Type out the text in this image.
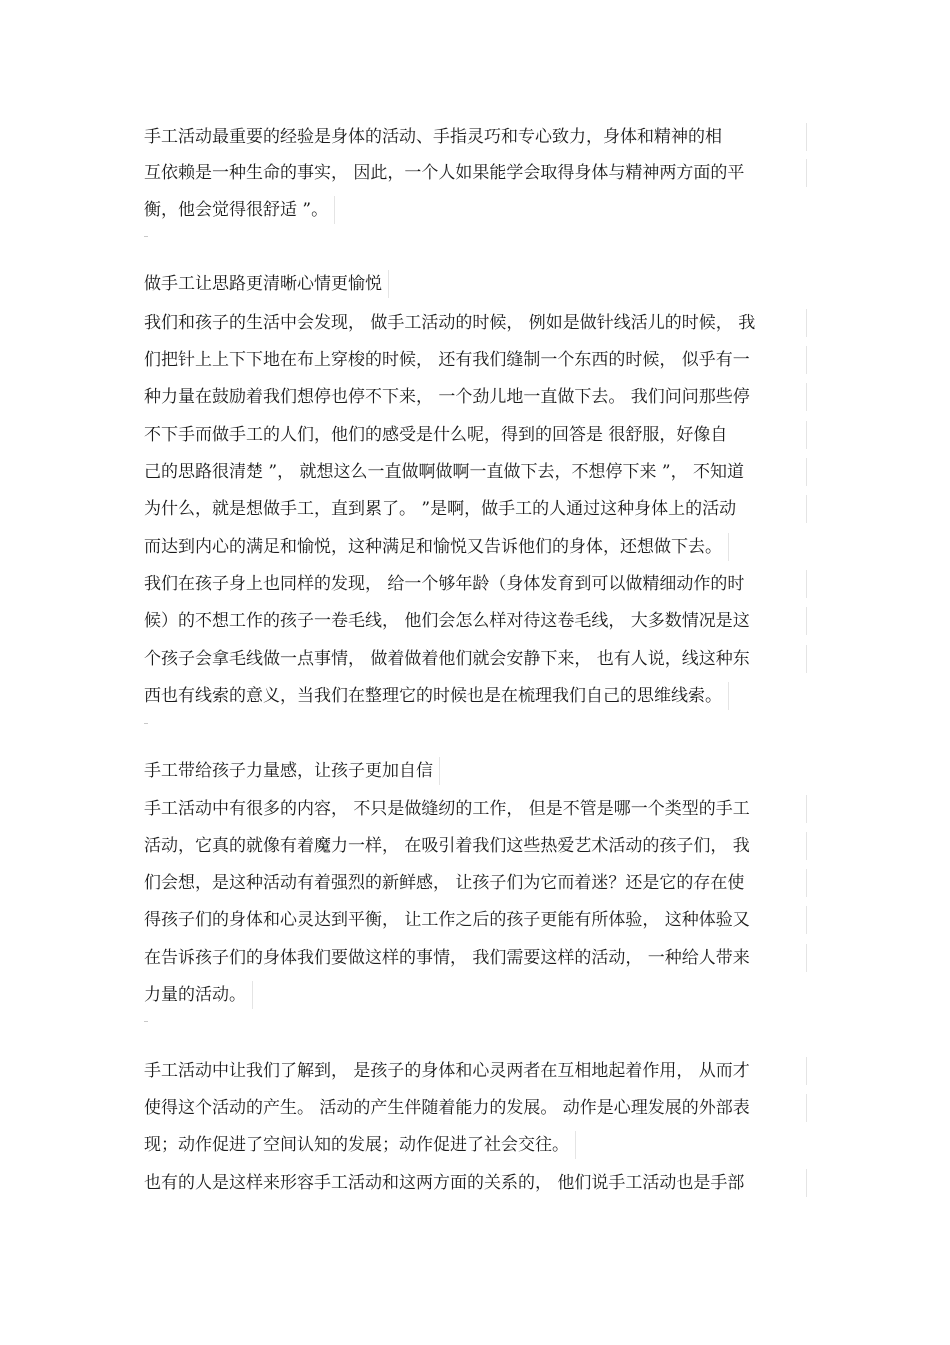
手工活动最重要的经验是身体的活动、手指灵巧和专心致力，身体和精神的相
互依赖是一种生命的事实， 因此，一个人如果能学会取得身体与精神两方面的平
衡，他会觉得很舒适 ”。
做手工让思路更清晰心情更愉悦
我们和孩子的生活中会发现， 做手工活动的时候， 例如是做针线活儿的时候， 我
们把针上上下下地在布上穿梭的时候， 还有我们缝制一个东西的时候， 似乎有一
种力量在鼓励着我们想停也停不下来， 一个劲儿地一直做下去。 我们问问那些停
不下手而做手工的人们，他们的感受是什么呢，得到的回答是 很舒服，好像自
己的思路很清楚 ”， 就想这么一直做啊做啊一直做下去，不想停下来 ”， 不知道
为什么，就是想做手工，直到累了。 ”是啊，做手工的人通过这种身体上的活动
而达到内心的满足和愉悦，这种满足和愉悦又告诉他们的身体，还想做下去。
我们在孩子身上也同样的发现， 给一个够年龄（身体发育到可以做精细动作的时
候）的不想工作的孩子一卷毛线， 他们会怎么样对待这卷毛线， 大多数情况是这
个孩子会拿毛线做一点事情， 做着做着他们就会安静下来， 也有人说，线这种东
西也有线索的意义，当我们在整理它的时候也是在梳理我们自己的思维线索。
手工带给孩子力量感，让孩子更加自信
手工活动中有很多的内容， 不只是做缝纫的工作， 但是不管是哪一个类型的手工
活动，它真的就像有着魔力一样， 在吸引着我们这些热爱艺术活动的孩子们， 我
们会想，是这种活动有着强烈的新鲜感， 让孩子们为它而着迷？还是它的存在使
得孩子们的身体和心灵达到平衡， 让工作之后的孩子更能有所体验， 这种体验又
在告诉孩子们的身体我们要做这样的事情， 我们需要这样的活动， 一种给人带来
力量的活动。
手工活动中让我们了解到， 是孩子的身体和心灵两者在互相地起着作用， 从而才
使得这个活动的产生。 活动的产生伴随着能力的发展。 动作是心理发展的外部表
现；动作促进了空间认知的发展；动作促进了社会交往。
也有的人是这样来形容手工活动和这两方面的关系的， 他们说手工活动也是手部
